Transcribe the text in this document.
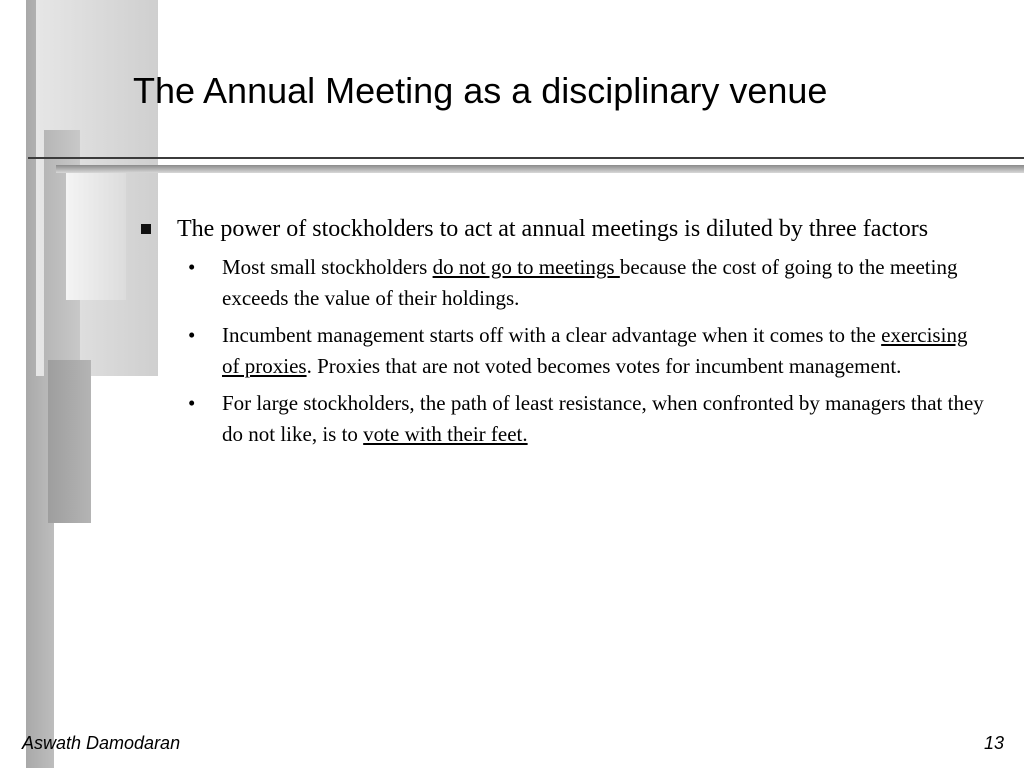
The Annual Meeting as a disciplinary venue
The power of stockholders to act at annual meetings is diluted by three factors
• Most small stockholders do not go to meetings because the cost of going to the meeting exceeds the value of their holdings.
• Incumbent management starts off with a clear advantage when it comes to the exercising of proxies. Proxies that are not voted becomes votes for incumbent management.
• For large stockholders, the path of least resistance, when confronted by managers that they do not like, is to vote with their feet.
Aswath Damodaran	13
